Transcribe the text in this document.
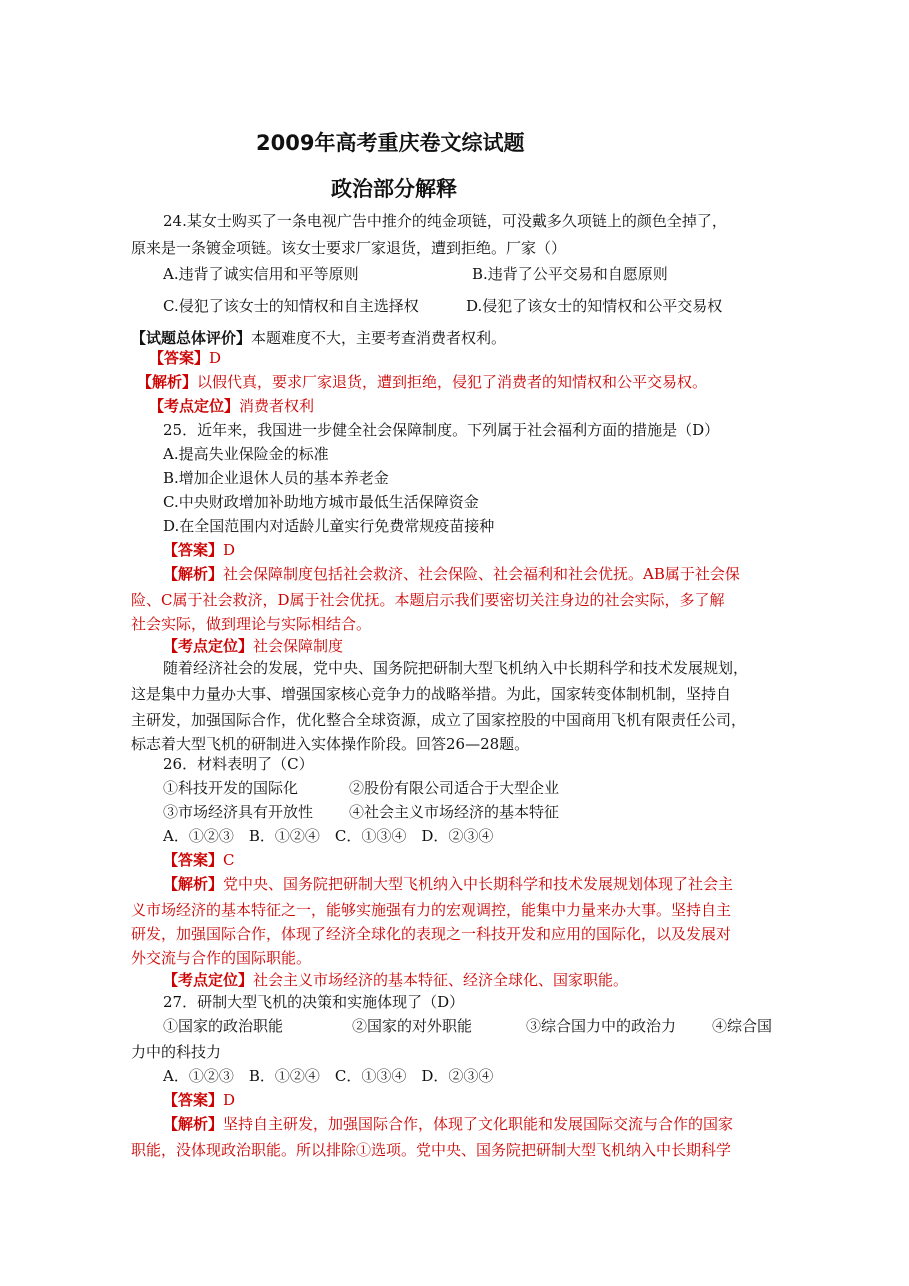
2009年高考重庆卷文综试题
政治部分解释
24.某女士购买了一条电视广告中推介的纯金项链，可没戴多久项链上的颜色全掉了，
原来是一条镀金项链。该女士要求厂家退货，遭到拒绝。厂家（）
A.违背了诚实信用和平等原则	B.违背了公平交易和自愿原则
C.侵犯了该女士的知情权和自主选择权	D.侵犯了该女士的知情权和公平交易权
【试题总体评价】本题难度不大，主要考查消费者权利。
【答案】D
【解析】以假代真，要求厂家退货，遭到拒绝，侵犯了消费者的知情权和公平交易权。
【考点定位】消费者权利
25．近年来，我国进一步健全社会保障制度。下列属于社会福利方面的措施是（D）
A.提高失业保险金的标准
B.增加企业退休人员的基本养老金
C.中央财政增加补助地方城市最低生活保障资金
D.在全国范围内对适龄儿童实行免费常规疫苗接种
【答案】D
【解析】社会保障制度包括社会救济、社会保险、社会福利和社会优抚。AB属于社会保
险、C属于社会救济，D属于社会优抚。本题启示我们要密切关注身边的社会实际，多了解
社会实际，做到理论与实际相结合。
【考点定位】社会保障制度
随着经济社会的发展，党中央、国务院把研制大型飞机纳入中长期科学和技术发展规划，
这是集中力量办大事、增强国家核心竞争力的战略举措。为此，国家转变体制机制，坚持自
主研发，加强国际合作，优化整合全球资源，成立了国家控股的中国商用飞机有限责任公司，
标志着大型飞机的研制进入实体操作阶段。回答26—28题。
26．材料表明了（C）
①科技开发的国际化	②股份有限公司适合于大型企业
③市场经济具有开放性 ④社会主义市场经济的基本特征
A．①②③　B．①②④　C．①③④　D．②③④
【答案】C
【解析】党中央、国务院把研制大型飞机纳入中长期科学和技术发展规划体现了社会主
义市场经济的基本特征之一，能够实施强有力的宏观调控，能集中力量来办大事。坚持自主
研发，加强国际合作，体现了经济全球化的表现之一科技开发和应用的国际化，以及发展对
外交流与合作的国际职能。
【考点定位】社会主义市场经济的基本特征、经济全球化、国家职能。
27．研制大型飞机的决策和实施体现了（D）
①国家的政治职能	②国家的对外职能	③综合国力中的政治力 ④综合国
力中的科技力
A．①②③　B．①②④　C．①③④　D．②③④
【答案】D
【解析】坚持自主研发，加强国际合作，体现了文化职能和发展国际交流与合作的国家
职能，没体现政治职能。所以排除①选项。党中央、国务院把研制大型飞机纳入中长期科学
